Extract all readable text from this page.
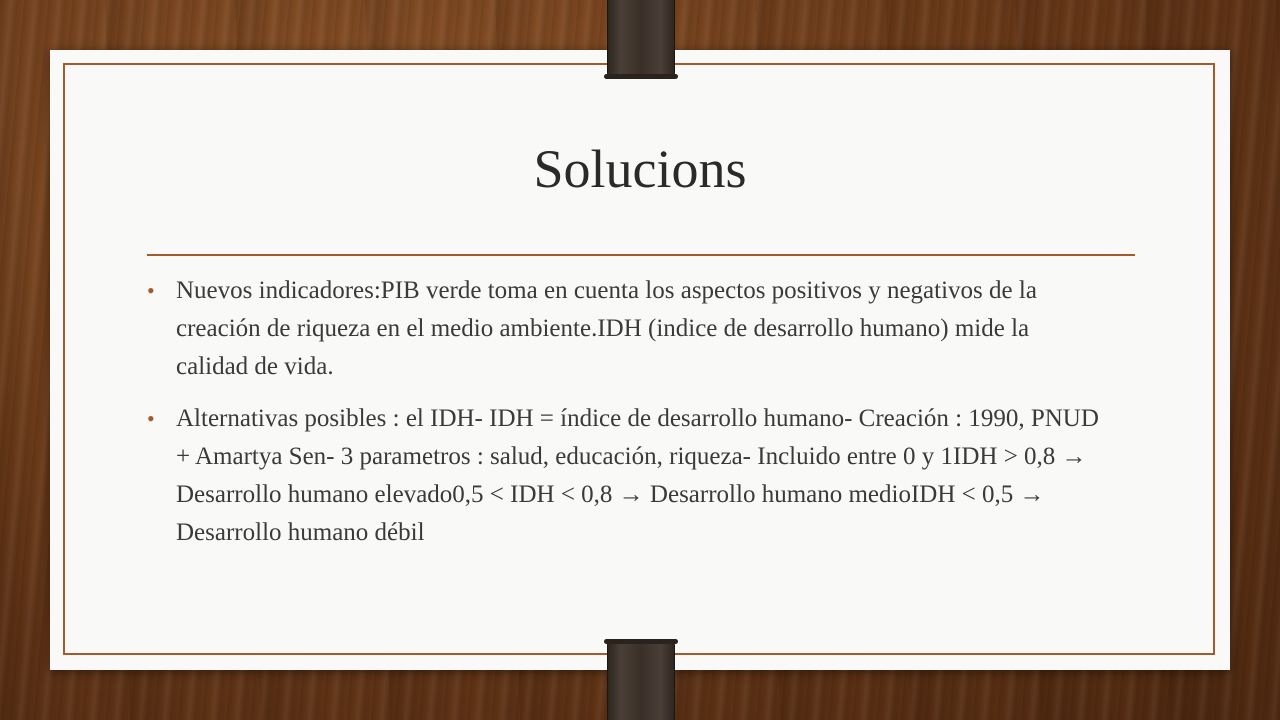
Solucions
• Nuevos indicadores:PIB verde toma en cuenta los aspectos positivos y negativos de la creación de riqueza en el medio ambiente.IDH (indice de desarrollo humano) mide la calidad de vida.
• Alternativas posibles : el IDH- IDH = índice de desarrollo humano- Creación : 1990, PNUD + Amartya Sen- 3 parametros : salud, educación, riqueza- Incluido entre 0 y 1IDH > 0,8 → Desarrollo humano elevado0,5 < IDH < 0,8 → Desarrollo humano medioIDH < 0,5 → Desarrollo humano débil
